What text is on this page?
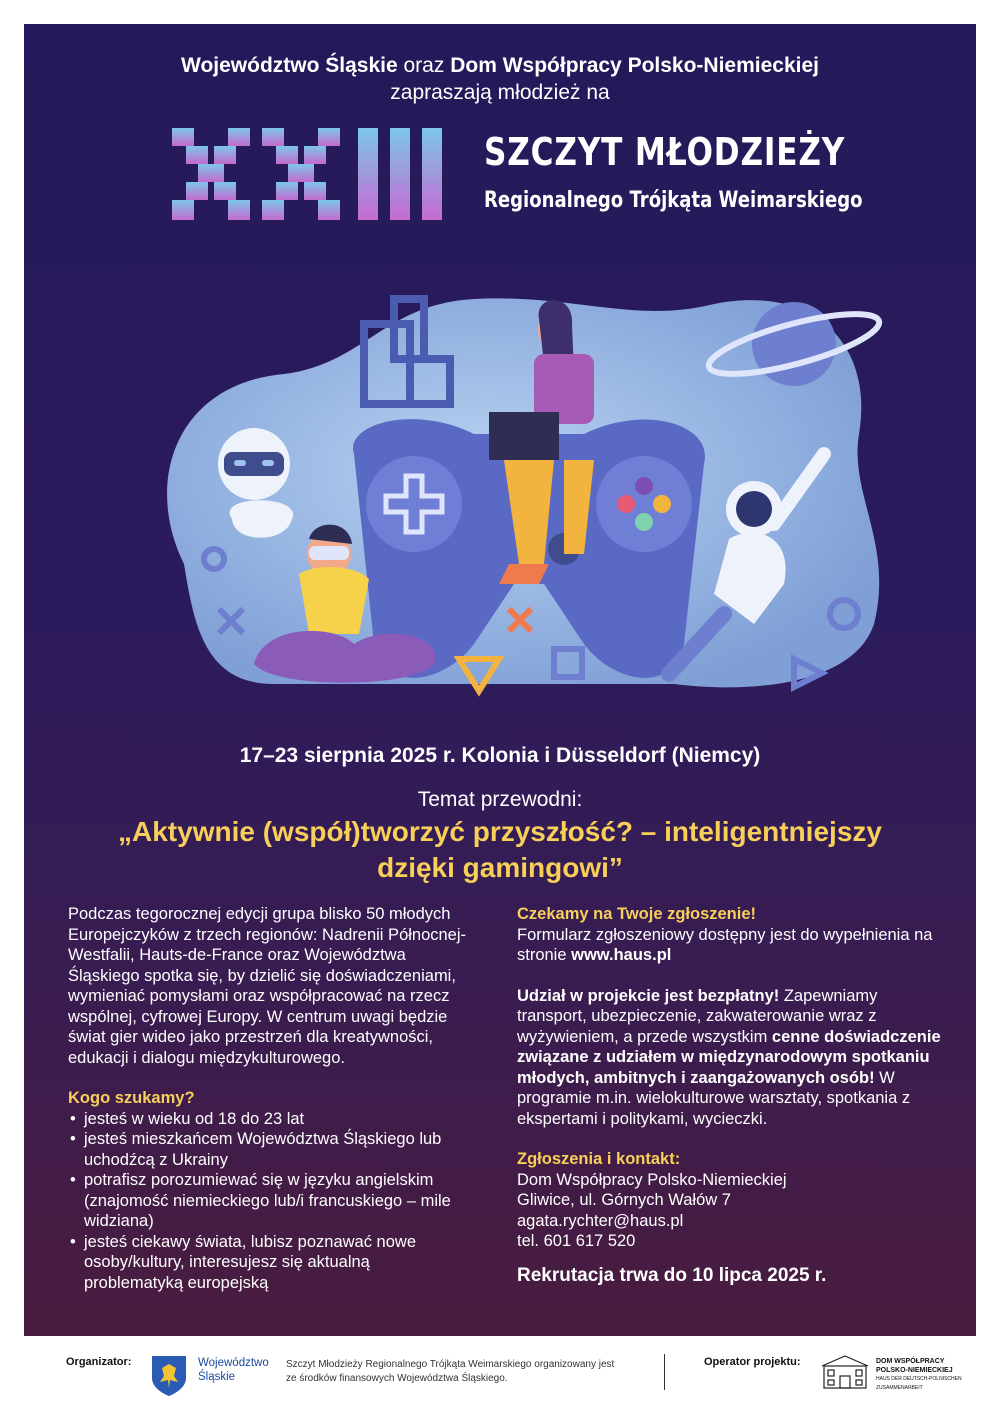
Województwo Śląskie oraz Dom Współpracy Polsko-Niemieckiej
zapraszają młodzież na
SZCZYT MŁODZIEŻY
Regionalnego Trójkąta Weimarskiego
17–23 sierpnia 2025 r. Kolonia i Düsseldorf (Niemcy)
Temat przewodni:
„Aktywnie (współ)tworzyć przyszłość? – inteligentniejszy
dzięki gamingowi”

Podczas tegorocznej edycji grupa blisko 50 młodych Europejczyków z trzech regionów: Nadrenii Północnej-Westfalii, Hauts-de-France oraz Województwa Śląskiego spotka się, by dzielić się doświadczeniami, wymieniać pomysłami oraz współpracować na rzecz wspólnej, cyfrowej Europy. W centrum uwagi będzie świat gier wideo jako przestrzeń dla kreatywności, edukacji i dialogu międzykulturowego.

Kogo szukamy?
• jesteś w wieku od 18 do 23 lat
• jesteś mieszkańcem Województwa Śląskiego lub uchodźcą z Ukrainy
• potrafisz porozumiewać się w języku angielskim (znajomość niemieckiego lub/i francuskiego – mile widziana)
• jesteś ciekawy świata, lubisz poznawać nowe osoby/kultury, interesujesz się aktualną problematyką europejską
Czekamy na Twoje zgłoszenie!

Formularz zgłoszeniowy dostępny jest do wypełnienia na stronie www.haus.pl

Udział w projekcie jest bezpłatny! Zapewniamy transport, ubezpieczenie, zakwaterowanie wraz z wyżywieniem, a przede wszystkim cenne doświadczenie związane z udziałem w międzynarodowym spotkaniu młodych, ambitnych i zaangażowanych osób! W programie m.in. wielokulturowe warsztaty, spotkania z ekspertami i politykami, wycieczki.

Zgłoszenia i kontakt:
Dom Współpracy Polsko-Niemieckiej
Gliwice, ul. Górnych Wałów 7
agata.rychter@haus.pl
tel. 601 617 520
Rekrutacja trwa do 10 lipca 2025 r.
Organizator:	Województwo
Śląskie
Szczyt Młodzieży Regionalnego Trójkąta Weimarskiego organizowany jest
ze środków finansowych Województwa Śląskiego.
Operator projektu:	DOM WSPÓŁPRACY
POLSKO-NIEMIECKIEJ
HAUS DER DEUTSCH-POLNISCHEN
ZUSAMMENARBEIT
